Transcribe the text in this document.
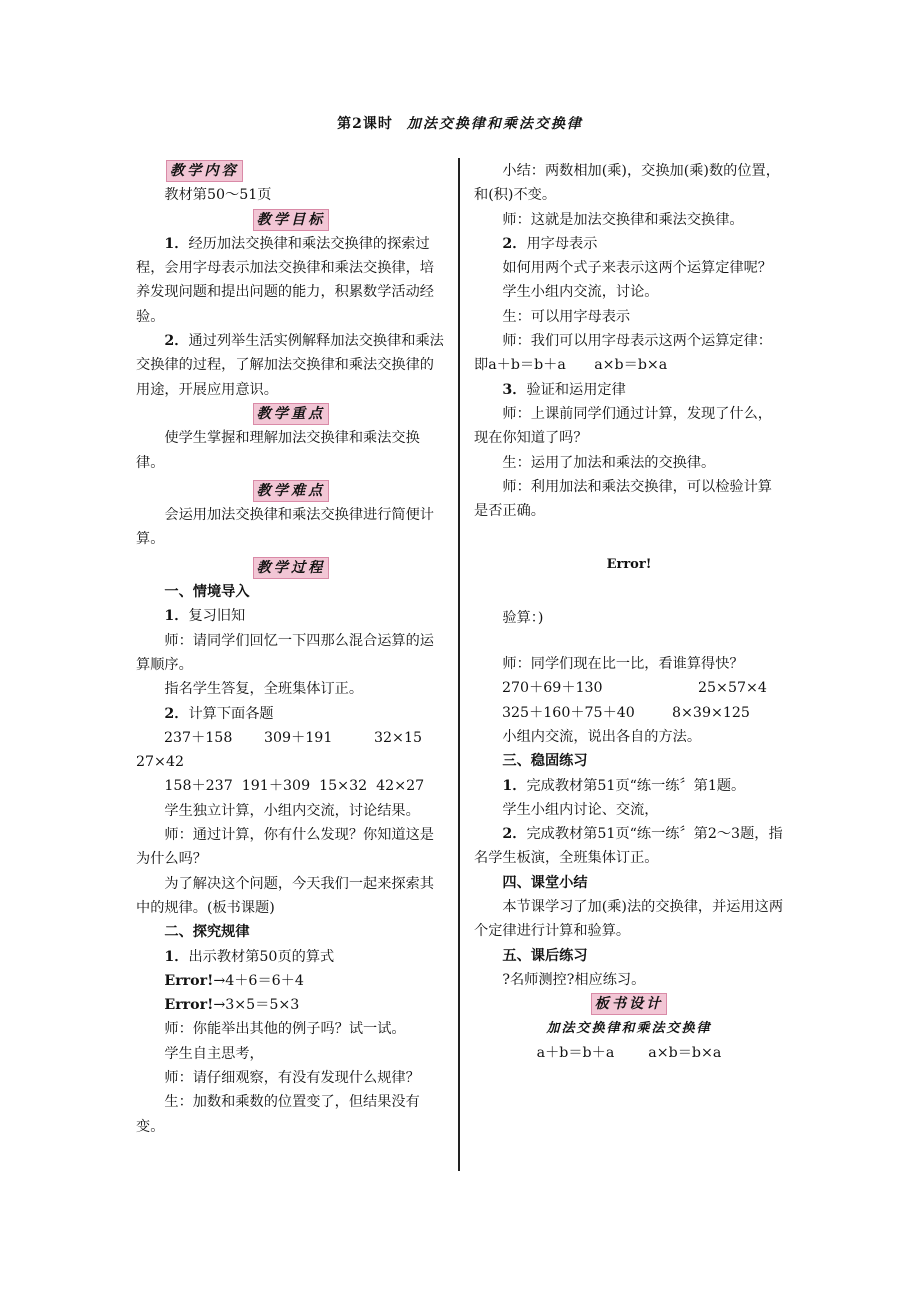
第2课时 加法交换律和乘法交换律
教学内容

教材第50～51页

教学目标

1．经历加法交换律和乘法交换律的探索过程，会用字母表示加法交换律和乘法交换律，培养发现问题和提出问题的能力，积累数学活动经验。

2．通过列举生活实例解释加法交换律和乘法交换律的过程，了解加法交换律和乘法交换律的用途，开展应用意识。

教学重点

使学生掌握和理解加法交换律和乘法交换律。

教学难点

会运用加法交换律和乘法交换律进行简便计算。

教学过程

一、情境导入

1．复习旧知

师：请同学们回忆一下四那么混合运算的运算顺序。

指名学生答复，全班集体订正。

2．计算下面各题

237＋158	309＋191	32×15

27×42

158＋237  191＋309  15×32  42×27

学生独立计算，小组内交流，讨论结果。

师：通过计算，你有什么发现？你知道这是为什么吗？

为了解决这个问题，今天我们一起来探索其中的规律。(板书课题)

二、探究规律

1．出示教材第50页的算式

Error!→4＋6＝6＋4

Error!→3×5＝5×3

师：你能举出其他的例子吗？试一试。

学生自主思考，

师：请仔细观察，有没有发现什么规律？

生：加数和乘数的位置变了，但结果没有变。

小结：两数相加(乘)，交换加(乘)数的位置，和(积)不变。

师：这就是加法交换律和乘法交换律。

2．用字母表示

如何用两个式子来表示这两个运算定律呢？

学生小组内交流，讨论。

生：可以用字母表示

师：我们可以用字母表示这两个运算定律：即a＋b＝b＋a　　a×b＝b×a

3．验证和运用定律

师：上课前同学们通过计算，发现了什么，现在你知道了吗？

生：运用了加法和乘法的交换律。

师：利用加法和乘法交换律，可以检验计算是否正确。

Error!

验算：)

师：同学们现在比一比，看谁算得快？

270＋69＋130	25×57×4
325＋160＋75＋40	8×39×125

小组内交流，说出各自的方法。

三、稳固练习

1．完成教材第51页“练一练〞第1题。

学生小组内讨论、交流，

2．完成教材第51页“练一练〞第2～3题，指名学生板演，全班集体订正。

四、课堂小结

本节课学习了加(乘)法的交换律，并运用这两个定律进行计算和验算。

五、课后练习

?名师测控?相应练习。

板书设计

加法交换律和乘法交换律

a＋b＝b＋a a×b＝b×a
